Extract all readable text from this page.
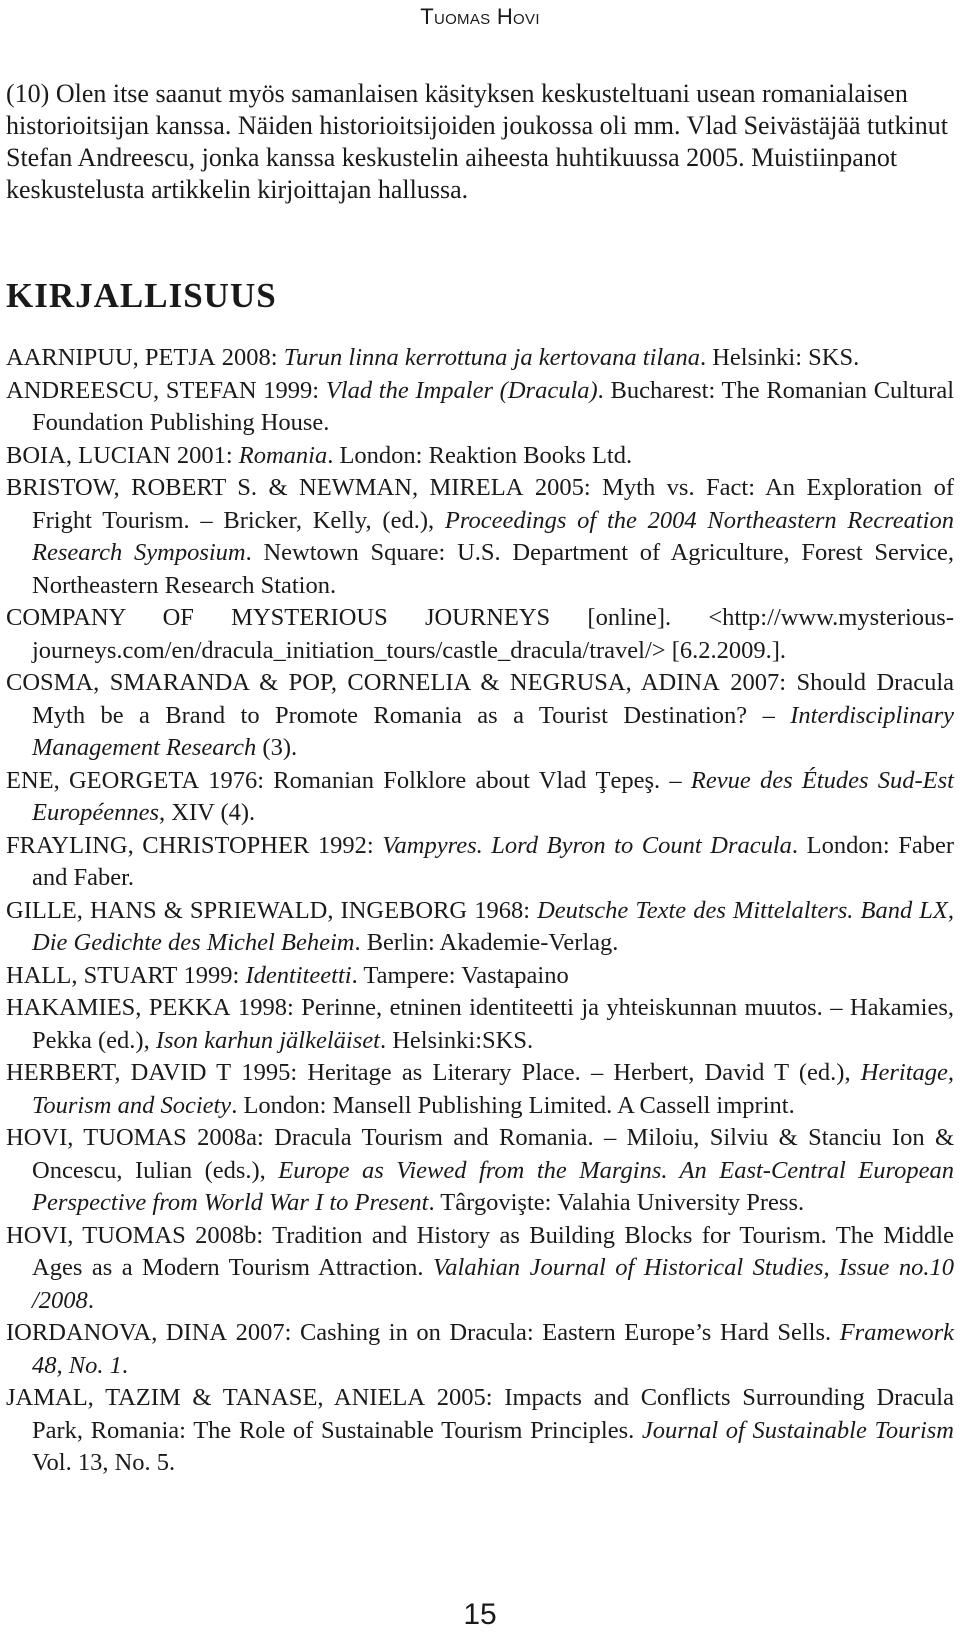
Tuomas Hovi

(10) Olen itse saanut myös samanlaisen käsityksen keskusteltuani usean romanialaisen historioitsijan kanssa. Näiden historioitsijoiden joukossa oli mm. Vlad Seivästäjää tutkinut Stefan Andreescu, jonka kanssa keskustelin aiheesta huhtikuussa 2005. Muistiinpanot keskustelusta artikkelin kirjoittajan hallussa.

KIRJALLISUUS
AARNIPUU, PETJA 2008: Turun linna kerrottuna ja kertovana tilana. Helsinki: SKS.
ANDREESCU, STEFAN 1999: Vlad the Impaler (Dracula). Bucharest: The Romanian Cultural Foundation Publishing House.
BOIA, LUCIAN 2001: Romania. London: Reaktion Books Ltd.
BRISTOW, ROBERT S. & NEWMAN, MIRELA 2005: Myth vs. Fact: An Exploration of Fright Tourism. – Bricker, Kelly, (ed.), Proceedings of the 2004 Northeastern Recreation Research Symposium. Newtown Square: U.S. Department of Agriculture, Forest Service, Northeastern Research Station.
COMPANY OF MYSTERIOUS JOURNEYS [online]. <http://www.mysterious-journeys.com/en/dracula_initiation_tours/castle_dracula/travel/> [6.2.2009.].
COSMA, SMARANDA & POP, CORNELIA & NEGRUSA, ADINA 2007: Should Dracula Myth be a Brand to Promote Romania as a Tourist Destination? – Interdisciplinary Management Research (3).
ENE, GEORGETA 1976: Romanian Folklore about Vlad Ţepeş. – Revue des Études Sud-Est Européennes, XIV (4).
FRAYLING, CHRISTOPHER 1992: Vampyres. Lord Byron to Count Dracula. London: Faber and Faber.
GILLE, HANS & SPRIEWALD, INGEBORG 1968: Deutsche Texte des Mittelalters. Band LX, Die Gedichte des Michel Beheim. Berlin: Akademie-Verlag.
HALL, STUART 1999: Identiteetti. Tampere: Vastapaino
HAKAMIES, PEKKA 1998: Perinne, etninen identiteetti ja yhteiskunnan muutos. – Hakamies, Pekka (ed.), Ison karhun jälkeläiset. Helsinki:SKS.
HERBERT, DAVID T 1995: Heritage as Literary Place. – Herbert, David T (ed.), Heritage, Tourism and Society. London: Mansell Publishing Limited. A Cassell imprint.
HOVI, TUOMAS 2008a: Dracula Tourism and Romania. – Miloiu, Silviu & Stanciu Ion & Oncescu, Iulian (eds.), Europe as Viewed from the Margins. An East-Central European Perspective from World War I to Present. Târgovişte: Valahia University Press.
HOVI, TUOMAS 2008b: Tradition and History as Building Blocks for Tourism. The Middle Ages as a Modern Tourism Attraction. Valahian Journal of Historical Studies, Issue no.10 /2008.
IORDANOVA, DINA 2007: Cashing in on Dracula: Eastern Europe’s Hard Sells. Framework 48, No. 1.
JAMAL, TAZIM & TANASE, ANIELA 2005: Impacts and Conflicts Surrounding Dracula Park, Romania: The Role of Sustainable Tourism Principles. Journal of Sustainable Tourism Vol. 13, No. 5.
15
